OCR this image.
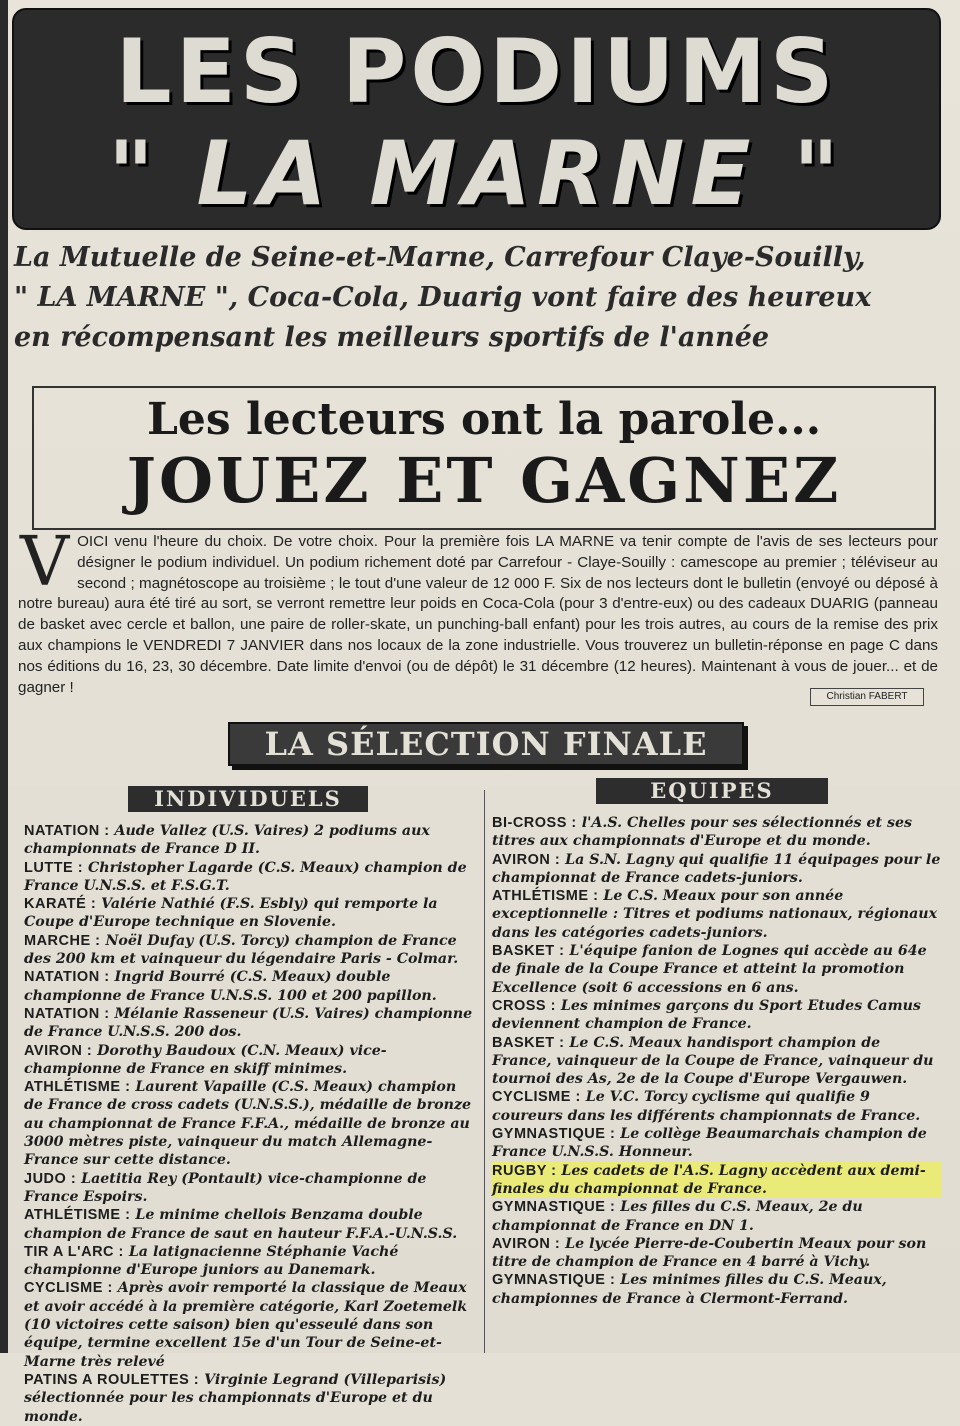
LES PODIUMS
" LA MARNE "
La Mutuelle de Seine-et-Marne, Carrefour Claye-Souilly,
" LA MARNE ", Coca-Cola, Duarig vont faire des heureux
en récompensant les meilleurs sportifs de l'année
Les lecteurs ont la parole...
JOUEZ ET GAGNEZ
VOICI venu l'heure du choix. De votre choix. Pour la première fois LA MARNE va tenir compte de l'avis de ses lecteurs pour désigner le podium individuel. Un podium richement doté par Carrefour - Claye-Souilly : camescope au premier ; téléviseur au second ; magnétoscope au troisième ; le tout d'une valeur de 12 000 F. Six de nos lecteurs dont le bulletin (envoyé ou déposé à notre bureau) aura été tiré au sort, se verront remettre leur poids en Coca-Cola (pour 3 d'entre-eux) ou des cadeaux DUARIG (panneau de basket avec cercle et ballon, une paire de roller-skate, un punching-ball enfant) pour les trois autres, au cours de la remise des prix aux champions le VENDREDI 7 JANVIER dans nos locaux de la zone industrielle. Vous trouverez un bulletin-réponse en page C dans nos éditions du 16, 23, 30 décembre. Date limite d'envoi (ou de dépôt) le 31 décembre (12 heures). Maintenant à vous de jouer... et de gagner !
Christian FABERT
LA SÉLECTION FINALE
INDIVIDUELS	EQUIPES

NATATION : Aude Vallez (U.S. Vaires) 2 podiums aux championnats de France D II.

LUTTE : Christopher Lagarde (C.S. Meaux) champion de France U.N.S.S. et F.S.G.T.

KARATÉ : Valérie Nathié (F.S. Esbly) qui remporte la Coupe d'Europe technique en Slovenie.

MARCHE : Noël Dufay (U.S. Torcy) champion de France des 200 km et vainqueur du légendaire Paris - Colmar.

NATATION : Ingrid Bourré (C.S. Meaux) double championne de France U.N.S.S. 100 et 200 papillon.

NATATION : Mélanie Rasseneur (U.S. Vaires) championne de France U.N.S.S. 200 dos.

AVIRON : Dorothy Baudoux (C.N. Meaux) vice-championne de France en skiff minimes.

ATHLÉTISME : Laurent Vapaille (C.S. Meaux) champion de France de cross cadets (U.N.S.S.), médaille de bronze au championnat de France F.F.A., médaille de bronze au 3000 mètres piste, vainqueur du match Allemagne-France sur cette distance.

JUDO : Laetitia Rey (Pontault) vice-championne de France Espoirs.

ATHLÉTISME : Le minime chellois Benzama double champion de France de saut en hauteur F.F.A.-U.N.S.S.

TIR A L'ARC : La latignacienne Stéphanie Vaché championne d'Europe juniors au Danemark.

CYCLISME : Après avoir remporté la classique de Meaux et avoir accédé à la première catégorie, Karl Zoetemelk (10 victoires cette saison) bien qu'esseulé dans son équipe, termine excellent 15e d'un Tour de Seine-et-Marne très relevé

PATINS A ROULETTES : Virginie Legrand (Villeparisis) sélectionnée pour les championnats d'Europe et du monde.

BI-CROSS : l'A.S. Chelles pour ses sélectionnés et ses titres aux championnats d'Europe et du monde.

AVIRON : La S.N. Lagny qui qualifie 11 équipages pour le championnat de France cadets-juniors.

ATHLÉTISME : Le C.S. Meaux pour son année exceptionnelle : Titres et podiums nationaux, régionaux dans les catégories cadets-juniors.

BASKET : L'équipe fanion de Lognes qui accède au 64e de finale de la Coupe France et atteint la promotion Excellence (soit 6 accessions en 6 ans.

CROSS : Les minimes garçons du Sport Etudes Camus deviennent champion de France.

BASKET : Le C.S. Meaux handisport champion de France, vainqueur de la Coupe de France, vainqueur du tournoi des As, 2e de la Coupe d'Europe Vergauwen.

CYCLISME : Le V.C. Torcy cyclisme qui qualifie 9 coureurs dans les différents championnats de France.

GYMNASTIQUE : Le collège Beaumarchais champion de France U.N.S.S. Honneur.

RUGBY : Les cadets de l'A.S. Lagny accèdent aux demi-finales du championnat de France.

GYMNASTIQUE : Les filles du C.S. Meaux, 2e du championnat de France en DN 1.

AVIRON : Le lycée Pierre-de-Coubertin Meaux pour son titre de champion de France en 4 barré à Vichy.

GYMNASTIQUE : Les minimes filles du C.S. Meaux, championnes de France à Clermont-Ferrand.
